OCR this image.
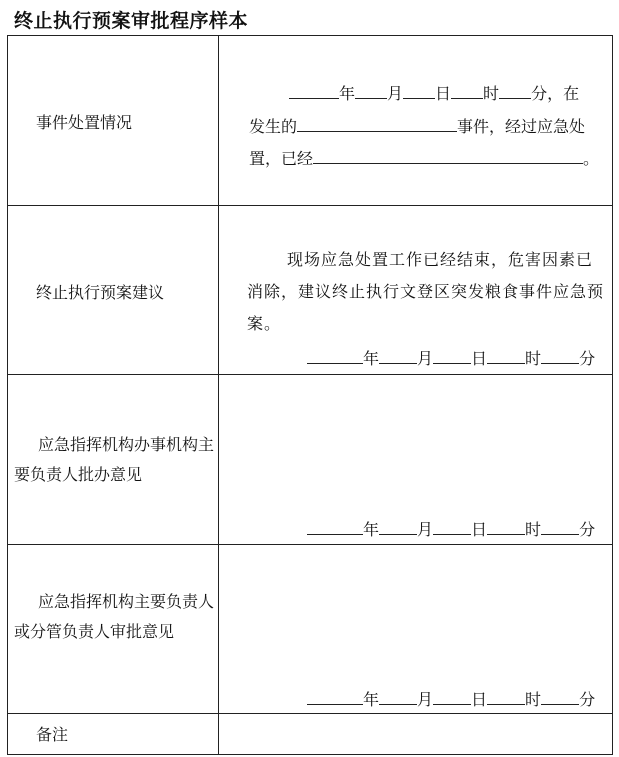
终止执行预案审批程序样本
事件处置情况	年 月 日 时 分，在
发生的 事件，经过应急处
置，已经 。

终止执行预案建议	现场应急处置工作已经结束，危害因素已消除，建议终止执行文登区突发粮食事件应急预案。
年 月 日 时 分

应急指挥机构办事机构主要负责人批办意见	年 月 日 时 分

应急指挥机构主要负责人或分管负责人审批意见	年 月 日 时 分

备注	
